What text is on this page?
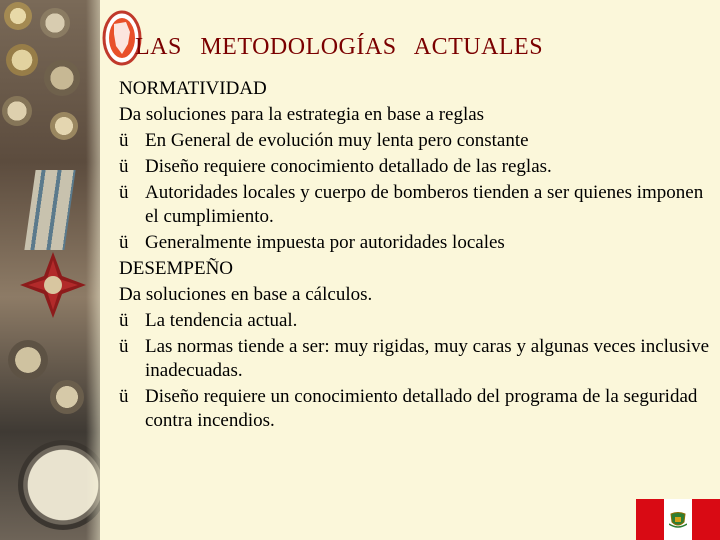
LAS METODOLOGÍAS ACTUALES
NORMATIVIDAD
Da soluciones para la estrategia en base a reglas
ü En General de evolución muy lenta pero constante
ü Diseño requiere conocimiento detallado de las reglas.
ü Autoridades locales y cuerpo de bomberos tienden a ser quienes imponen el cumplimiento.
ü Generalmente impuesta por autoridades locales
DESEMPEÑO
Da soluciones en base a cálculos.
ü La tendencia actual.
ü Las normas tiende a ser: muy rigidas, muy caras y algunas veces inclusive inadecuadas.
ü Diseño requiere un conocimiento detallado del programa de la seguridad contra incendios.
